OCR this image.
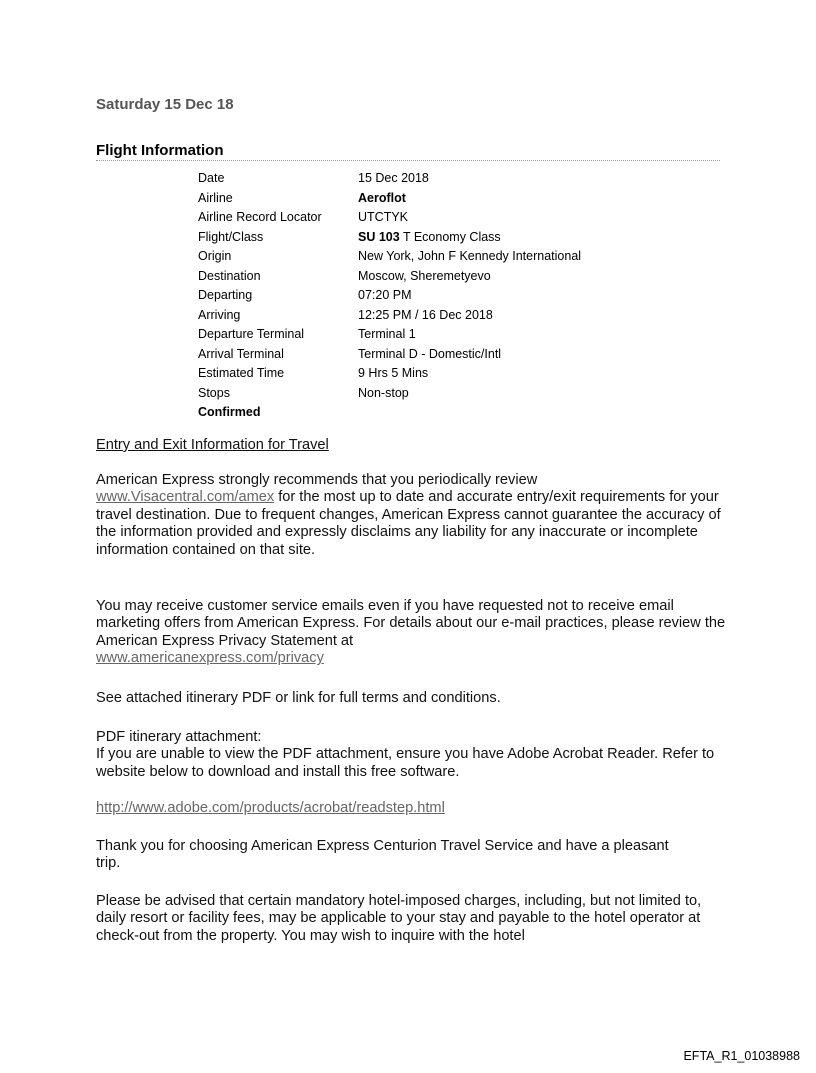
Saturday 15 Dec 18
Flight Information
Date	15 Dec 2018
Airline	Aeroflot
Airline Record Locator	UTCTYK
Flight/Class	SU 103 T Economy Class
Origin	New York, John F Kennedy International
Destination	Moscow, Sheremetyevo
Departing	07:20 PM
Arriving	12:25 PM / 16 Dec 2018
Departure Terminal	Terminal 1
Arrival Terminal	Terminal D - Domestic/Intl
Estimated Time	9 Hrs 5 Mins
Stops	Non-stop
Confirmed
Entry and Exit Information for Travel

American Express strongly recommends that you periodically review
www.Visacentral.com/amex for the most up to date and accurate entry/exit requirements for your travel destination. Due to frequent changes, American Express cannot guarantee the accuracy of the information provided and expressly disclaims any liability for any inaccurate or incomplete information contained on that site.

You may receive customer service emails even if you have requested not to receive email marketing offers from American Express. For details about our e-mail practices, please review the American Express Privacy Statement at
www.americanexpress.com/privacy

See attached itinerary PDF or link for full terms and conditions.

PDF itinerary attachment:
If you are unable to view the PDF attachment, ensure you have Adobe Acrobat Reader. Refer to website below to download and install this free software.

http://www.adobe.com/products/acrobat/readstep.html
Thank you for choosing American Express Centurion Travel Service and have a pleasant trip.
Please be advised that certain mandatory hotel-imposed charges, including, but not limited to, daily resort or facility fees, may be applicable to your stay and payable to the hotel operator at check-out from the property. You may wish to inquire with the hotel
EFTA_R1_01038988
